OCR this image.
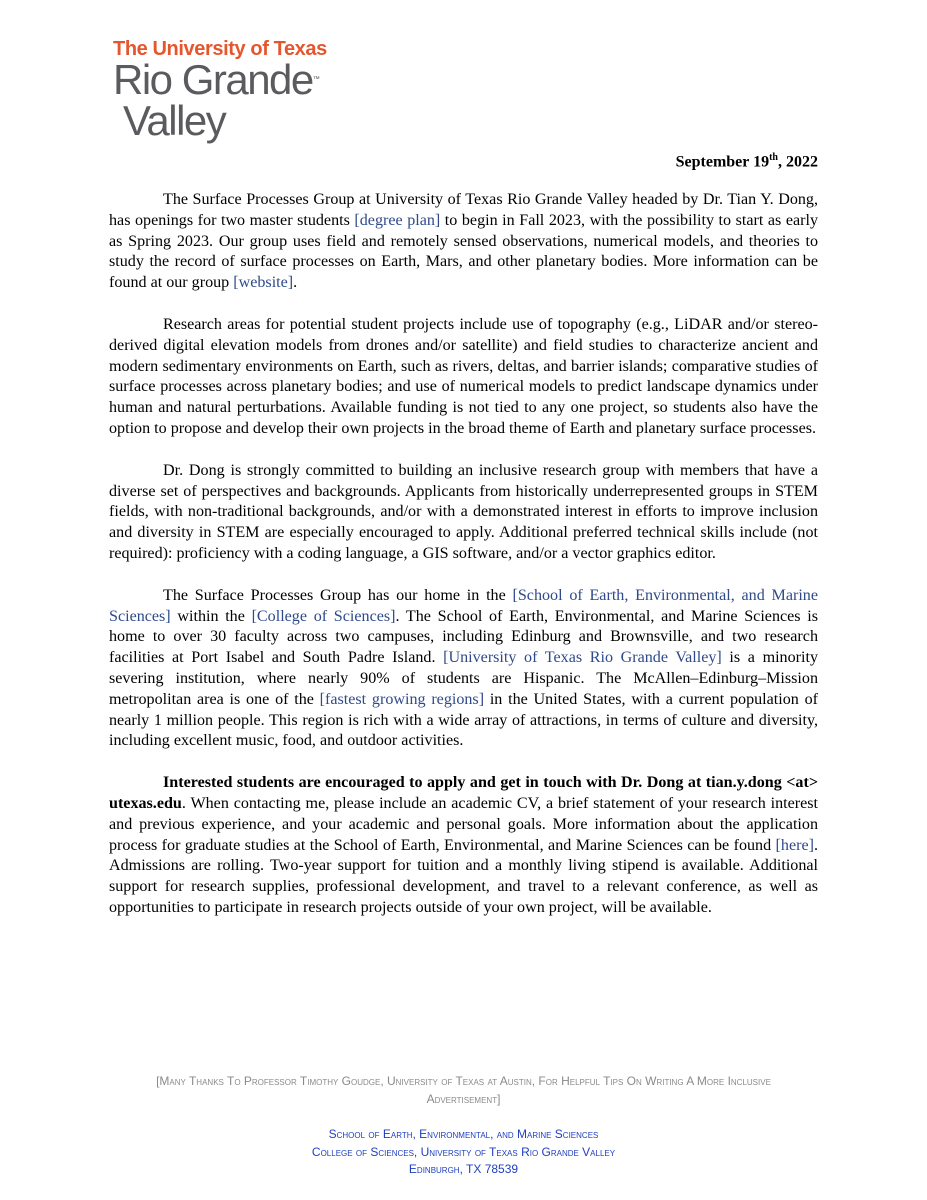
The University of Texas
Rio Grande™
Valley
September 19th, 2022

The Surface Processes Group at University of Texas Rio Grande Valley headed by Dr. Tian Y. Dong, has openings for two master students [degree plan] to begin in Fall 2023, with the possibility to start as early as Spring 2023. Our group uses field and remotely sensed observations, numerical models, and theories to study the record of surface processes on Earth, Mars, and other planetary bodies. More information can be found at our group [website].

Research areas for potential student projects include use of topography (e.g., LiDAR and/or stereo-derived digital elevation models from drones and/or satellite) and field studies to characterize ancient and modern sedimentary environments on Earth, such as rivers, deltas, and barrier islands; comparative studies of surface processes across planetary bodies; and use of numerical models to predict landscape dynamics under human and natural perturbations. Available funding is not tied to any one project, so students also have the option to propose and develop their own projects in the broad theme of Earth and planetary surface processes.

Dr. Dong is strongly committed to building an inclusive research group with members that have a diverse set of perspectives and backgrounds. Applicants from historically underrepresented groups in STEM fields, with non-traditional backgrounds, and/or with a demonstrated interest in efforts to improve inclusion and diversity in STEM are especially encouraged to apply. Additional preferred technical skills include (not required): proficiency with a coding language, a GIS software, and/or a vector graphics editor.

The Surface Processes Group has our home in the [School of Earth, Environmental, and Marine Sciences] within the [College of Sciences]. The School of Earth, Environmental, and Marine Sciences is home to over 30 faculty across two campuses, including Edinburg and Brownsville, and two research facilities at Port Isabel and South Padre Island. [University of Texas Rio Grande Valley] is a minority severing institution, where nearly 90% of students are Hispanic. The McAllen–Edinburg–Mission metropolitan area is one of the [fastest growing regions] in the United States, with a current population of nearly 1 million people. This region is rich with a wide array of attractions, in terms of culture and diversity, including excellent music, food, and outdoor activities.

Interested students are encouraged to apply and get in touch with Dr. Dong at tian.y.dong <at> utexas.edu. When contacting me, please include an academic CV, a brief statement of your research interest and previous experience, and your academic and personal goals. More information about the application process for graduate studies at the School of Earth, Environmental, and Marine Sciences can be found [here]. Admissions are rolling. Two-year support for tuition and a monthly living stipend is available. Additional support for research supplies, professional development, and travel to a relevant conference, as well as opportunities to participate in research projects outside of your own project, will be available.

[Many Thanks To Professor Timothy Goudge, University of Texas at Austin, For Helpful Tips On Writing A More Inclusive Advertisement]
School of Earth, Environmental, and Marine Sciences
College of Sciences, University of Texas Rio Grande Valley
Edinburgh, TX 78539
